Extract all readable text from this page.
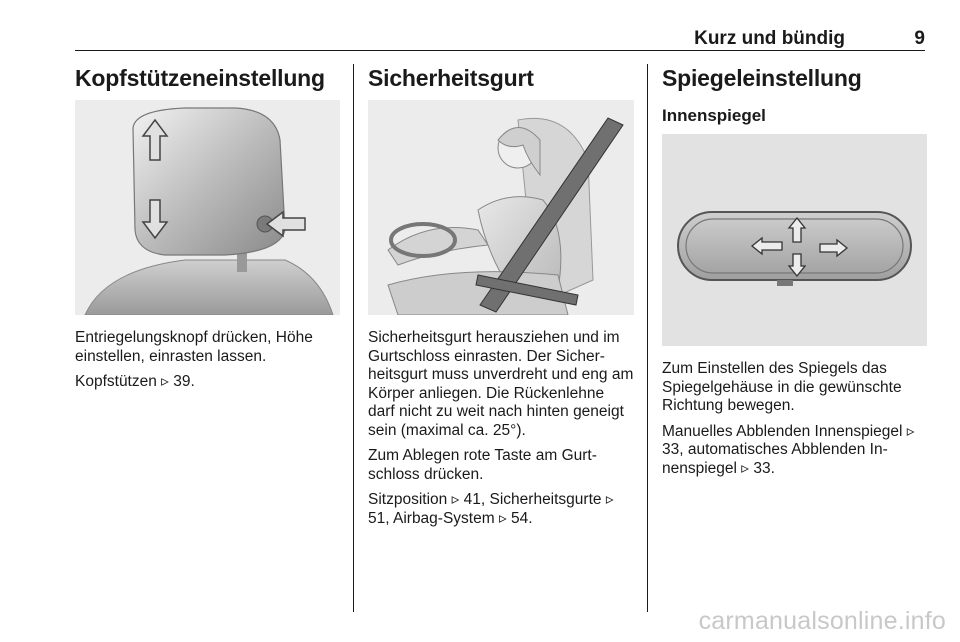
Kurz und bündig	9
Kopfstützeneinstellung

Entriegelungsknopf drücken, Höhe einstellen, einrasten lassen.

Kopfstützen ▹ 39.

Sicherheitsgurt

Sicherheitsgurt herausziehen und im Gurtschloss einrasten. Der Sicherheitsgurt muss unverdreht und eng am Körper anliegen. Die Rückenlehne darf nicht zu weit nach hinten geneigt sein (maximal ca. 25°).

Zum Ablegen rote Taste am Gurtschloss drücken.

Sitzposition ▹ 41, Sicherheitsgurte ▹ 51, Airbag-System ▹ 54.

Spiegeleinstellung
Innenspiegel

Zum Einstellen des Spiegels das Spiegelgehäuse in die gewünschte Richtung bewegen.

Manuelles Abblenden Innenspiegel ▹ 33, automatisches Abblenden Innenspiegel ▹ 33.

carmanualsonline.info
